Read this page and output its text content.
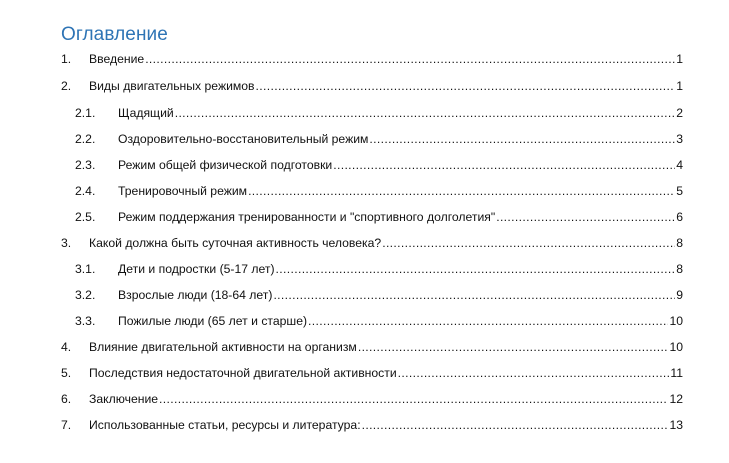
Оглавление
1.	Введение .....	1
2.	Виды двигательных режимов .....	1
2.1.	Щадящий .....	2
2.2.	Оздоровительно-восстановительный режим .....	3
2.3.	Режим общей физической подготовки .....	4
2.4.	Тренировочный режим .....	5
2.5.	Режим поддержания тренированности и "спортивного долголетия" .....	6
3.	Какой должна быть суточная активность человека? .....	8
3.1.	Дети и подростки (5-17 лет) .....	8
3.2.	Взрослые люди (18-64 лет) .....	9
3.3.	Пожилые люди (65 лет и старше) .....	10
4.	Влияние двигательной активности на организм .....	10
5.	Последствия недостаточной двигательной активности .....	11
6.	Заключение .....	12
7.	Использованные статьи, ресурсы и литература: .....	13
